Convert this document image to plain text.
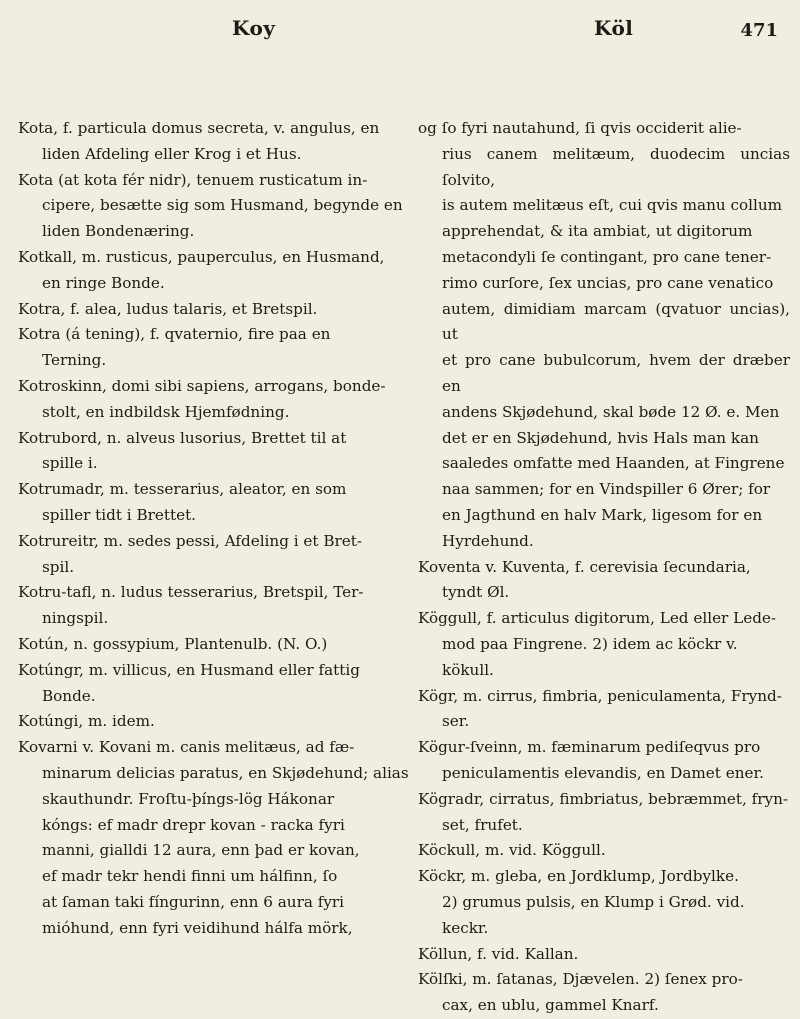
Koy	Köl	471
Kota, f. particula domus secreta, v. angulus, en
liden Afdeling eller Krog i et Hus.
Kota (at kota fér nidr), tenuem rusticatum in-
cipere, besætte sig som Husmand, begynde en
liden Bondenæring.
Kotkall, m. rusticus, pauperculus, en Husmand,
en ringe Bonde.
Kotra, f. alea, ludus talaris, et Bretspil.
Kotra (á tening), f. qvaternio, fire paa en
Terning.
Kotroskinn, domi sibi sapiens, arrogans, bonde-
stolt, en indbildsk Hjemfødning.
Kotrubord, n. alveus lusorius, Brettet til at
spille i.
Kotrumadr, m. tesserarius, aleator, en som
spiller tidt i Brettet.
Kotrureitr, m. sedes pessi, Afdeling i et Bret-
spil.
Kotru-tafl, n. ludus tesserarius, Bretspil, Ter-
ningspil.
Kotún, n. gossypium, Plantenulb. (N. O.)
Kotúngr, m. villicus, en Husmand eller fattig
Bonde.
Kotúngi, m. idem.
Kovarni v. Kovani m. canis melitæus, ad fæ-
minarum delicias paratus, en Skjødehund; alias
skauthundr. Froſtu-þíngs-lög Hákonar
kóngs: ef madr drepr kovan - racka fyri
manni, gialldi 12 aura, enn þad er kovan,
ef madr tekr hendi finni um hálfinn, ſo
at ſaman taki fíngurinn, enn 6 aura fyri
mióhund, enn fyri veidihund hálfa mörk,
og ſo fyri nautahund, ſi qvis occiderit alie-
rius canem melitæum, duodecim uncias ſolvito,
is autem melitæus eſt, cui qvis manu collum
apprehendat, & ita ambiat, ut digitorum
metacondyli ſe contingant, pro cane tener-
rimo curſore, ſex uncias, pro cane venatico
autem, dimidiam marcam (qvatuor uncias), ut
et pro cane bubulcorum, hvem der dræber en
andens Skjødehund, skal bøde 12 Ø. e. Men
det er en Skjødehund, hvis Hals man kan
saaledes omfatte med Haanden, at Fingrene
naa sammen; for en Vindspiller 6 Ører; for
en Jagthund en halv Mark, ligesom for en
Hyrdehund.
Koventa v. Kuventa, f. cerevisia ſecundaria,
tyndt Øl.
Köggull, f. articulus digitorum, Led eller Lede-
mod paa Fingrene. 2) idem ac köckr v.
kökull.
Kögr, m. cirrus, fimbria, peniculamenta, Frynd-
ser.
Kögur-ſveinn, m. fæminarum pediſeqvus pro
peniculamentis elevandis, en Damet ener.
Kögradr, cirratus, fimbriatus, bebræmmet, fryn-
set, frufet.
Köckull, m. vid. Köggull.
Köckr, m. gleba, en Jordklump, Jordbylke.
2) grumus pulsis, en Klump i Grød. vid.
keckr.
Köllun, f. vid. Kallan.
Kölſki, m. ſatanas, Djævelen. 2) ſenex pro-
cax, en ublu, gammel Knarf.
